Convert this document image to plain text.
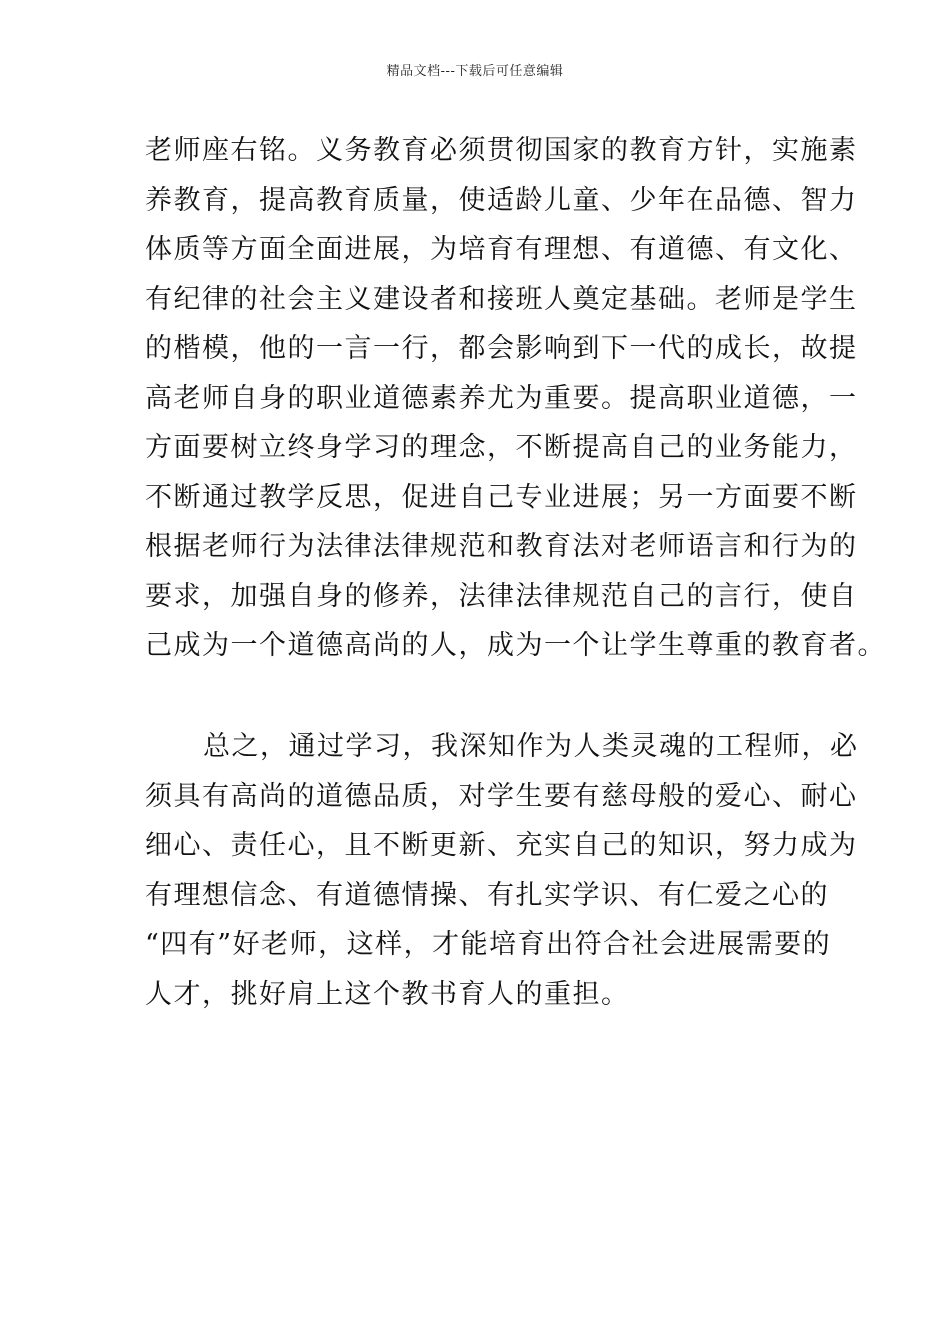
精品文档---下载后可任意编辑
老师座右铭。义务教育必须贯彻国家的教育方针，实施素
养教育，提高教育质量，使适龄儿童、少年在品德、智力
体质等方面全面进展，为培育有理想、有道德、有文化、
有纪律的社会主义建设者和接班人奠定基础。老师是学生
的楷模，他的一言一行，都会影响到下一代的成长，故提
高老师自身的职业道德素养尤为重要。提高职业道德，一
方面要树立终身学习的理念，不断提高自己的业务能力，
不断通过教学反思，促进自己专业进展；另一方面要不断
根据老师行为法律法律规范和教育法对老师语言和行为的
要求，加强自身的修养，法律法律规范自己的言行，使自
己成为一个道德高尚的人，成为一个让学生尊重的教育者。
总之，通过学习，我深知作为人类灵魂的工程师，必
须具有高尚的道德品质，对学生要有慈母般的爱心、耐心
细心、责任心，且不断更新、充实自己的知识，努力成为
有理想信念、有道德情操、有扎实学识、有仁爱之心的
“四有”好老师，这样，才能培育出符合社会进展需要的
人才，挑好肩上这个教书育人的重担。
